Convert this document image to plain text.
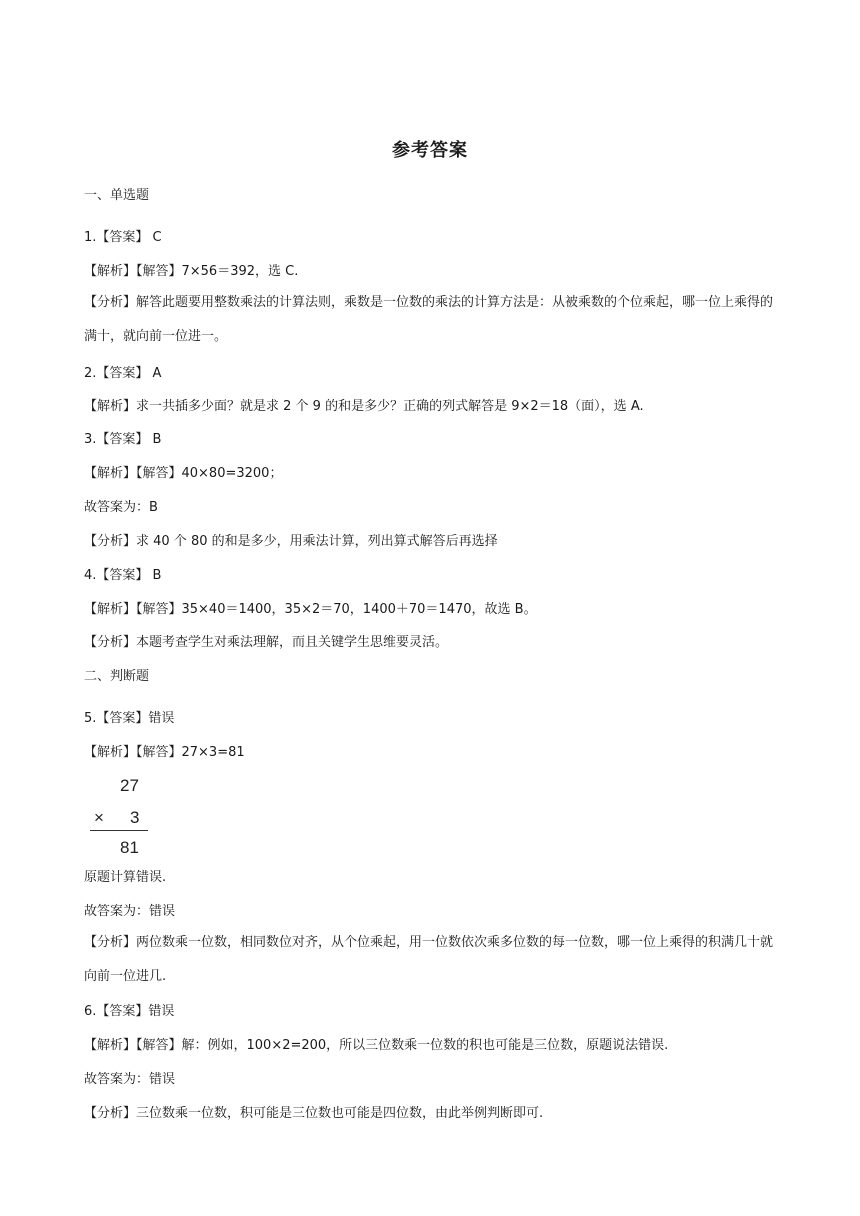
参考答案
一、单选题
1.【答案】 C
【解析】【解答】7×56＝392，选 C.
【分析】解答此题要用整数乘法的计算法则，乘数是一位数的乘法的计算方法是：从被乘数的个位乘起，哪一位上乘得的满十，就向前一位进一。
2.【答案】 A
【解析】求一共插多少面？就是求 2 个 9 的和是多少？正确的列式解答是 9×2＝18（面），选 A.
3.【答案】 B
【解析】【解答】40×80=3200；
故答案为：B
【分析】求 40 个 80 的和是多少，用乘法计算，列出算式解答后再选择
4.【答案】 B
【解析】【解答】35×40＝1400，35×2＝70，1400＋70＝1470，故选 B。
【分析】本题考查学生对乘法理解，而且关键学生思维要灵活。
二、判断题
5.【答案】错误
【解析】【解答】27×3=81
27
× 3
81
原题计算错误.
故答案为：错误
【分析】两位数乘一位数，相同数位对齐，从个位乘起，用一位数依次乘多位数的每一位数，哪一位上乘得的积满几十就向前一位进几.
6.【答案】错误
【解析】【解答】解：例如，100×2=200，所以三位数乘一位数的积也可能是三位数，原题说法错误.
故答案为：错误
【分析】三位数乘一位数，积可能是三位数也可能是四位数，由此举例判断即可.
